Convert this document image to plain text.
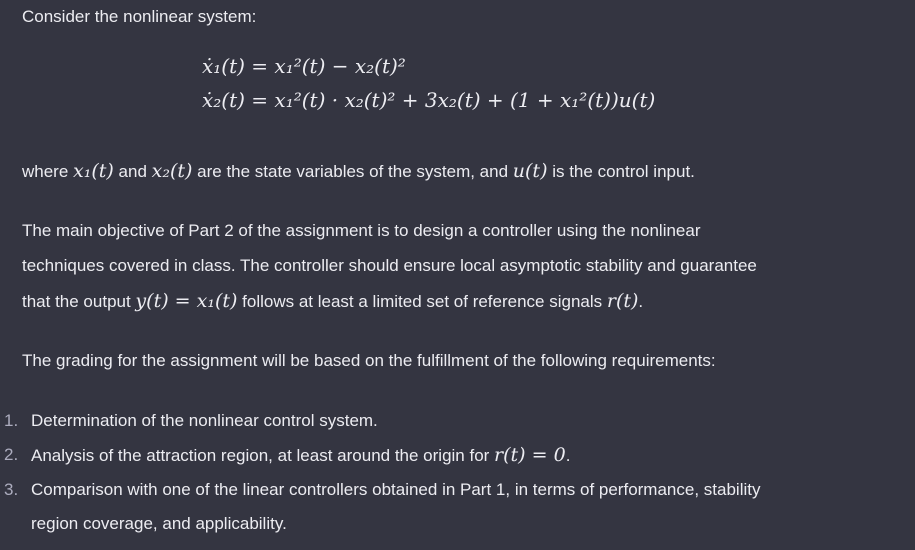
Consider the nonlinear system:

ẋ₁(t) = x₁²(t) − x₂(t)²
ẋ₂(t) = x₁²(t) · x₂(t)² + 3x₂(t) + (1 + x₁²(t))u(t)

where x₁(t) and x₂(t) are the state variables of the system, and u(t) is the control input.

The main objective of Part 2 of the assignment is to design a controller using the nonlinear

techniques covered in class. The controller should ensure local asymptotic stability and guarantee

that the output y(t) = x₁(t) follows at least a limited set of reference signals r(t).

The grading for the assignment will be based on the fulfillment of the following requirements:

1. Determination of the nonlinear control system.
2. Analysis of the attraction region, at least around the origin for r(t) = 0.
3. Comparison with one of the linear controllers obtained in Part 1, in terms of performance, stability
region coverage, and applicability.
